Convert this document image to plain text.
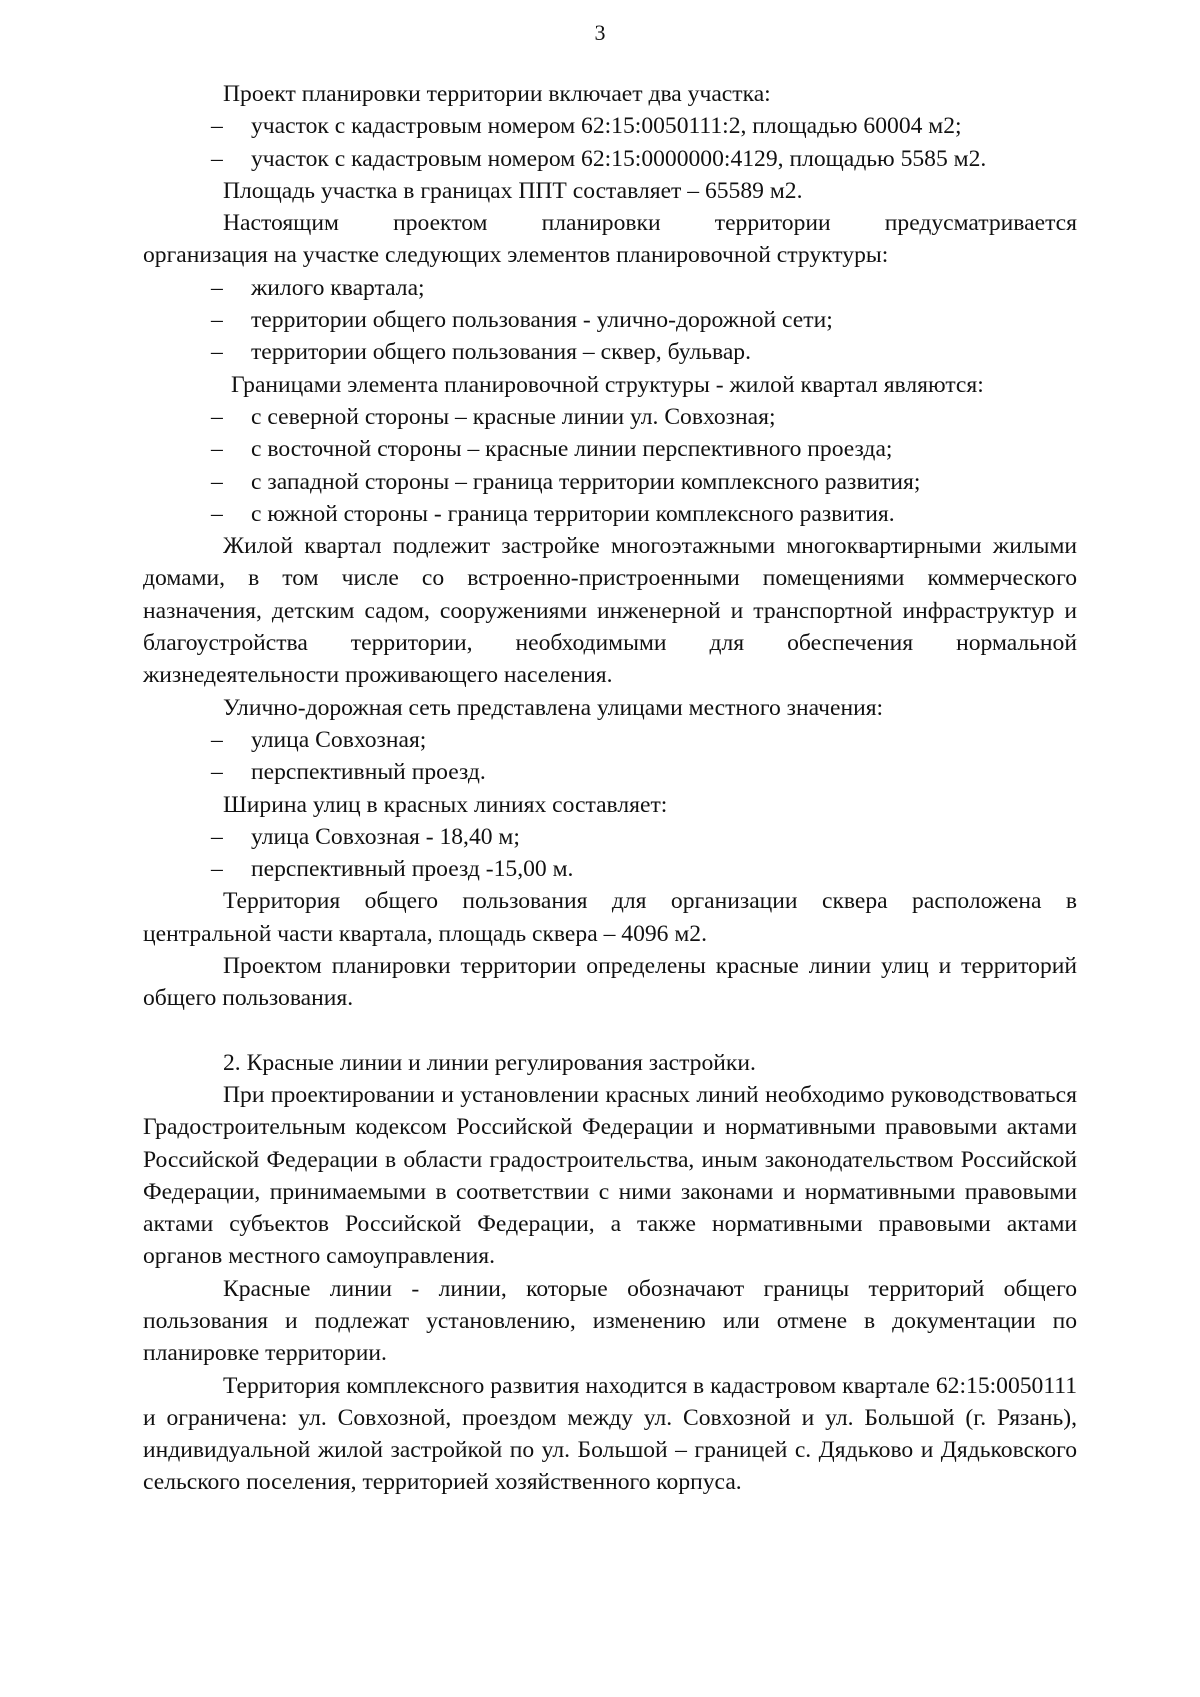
3

Проект планировки территории включает два участка:

– участок с кадастровым номером 62:15:0050111:2, площадью 60004 м2;

– участок с кадастровым номером 62:15:0000000:4129, площадью 5585 м2.

Площадь участка в границах ППТ составляет – 65589 м2.

Настоящим проектом планировки территории предусматривается

организация на участке следующих элементов планировочной структуры:

– жилого квартала;

– территории общего пользования - улично-дорожной сети;

– территории общего пользования – сквер, бульвар.

Границами элемента планировочной структуры - жилой квартал являются:

– с северной стороны – красные линии ул. Совхозная;

– с восточной стороны – красные линии перспективного проезда;

– с западной стороны – граница территории комплексного развития;

– с южной стороны - граница территории комплексного развития.

Жилой квартал подлежит застройке многоэтажными многоквартирными жилыми домами, в том числе со встроенно-пристроенными помещениями коммерческого назначения, детским садом, сооружениями инженерной и транспортной инфраструктур и благоустройства территории, необходимыми для обеспечения нормальной жизнедеятельности проживающего населения.

Улично-дорожная сеть представлена улицами местного значения:

– улица Совхозная;

– перспективный проезд.

Ширина улиц в красных линиях составляет:

– улица Совхозная - 18,40 м;

– перспективный проезд -15,00 м.

Территория общего пользования для организации сквера расположена в центральной части квартала, площадь сквера – 4096 м2.

Проектом планировки территории определены красные линии улиц и территорий общего пользования.

2. Красные линии и линии регулирования застройки.

При проектировании и установлении красных линий необходимо руководствоваться Градостроительным кодексом Российской Федерации и нормативными правовыми актами Российской Федерации в области градостроительства, иным законодательством Российской Федерации, принимаемыми в соответствии с ними законами и нормативными правовыми актами субъектов Российской Федерации, а также нормативными правовыми актами органов местного самоуправления.

Красные линии - линии, которые обозначают границы территорий общего пользования и подлежат установлению, изменению или отмене в документации по планировке территории.

Территория комплексного развития находится в кадастровом квартале 62:15:0050111 и ограничена: ул. Совхозной, проездом между ул. Совхозной и ул. Большой (г. Рязань), индивидуальной жилой застройкой по ул. Большой – границей с. Дядьково и Дядьковского сельского поселения, территорией хозяйственного корпуса.
